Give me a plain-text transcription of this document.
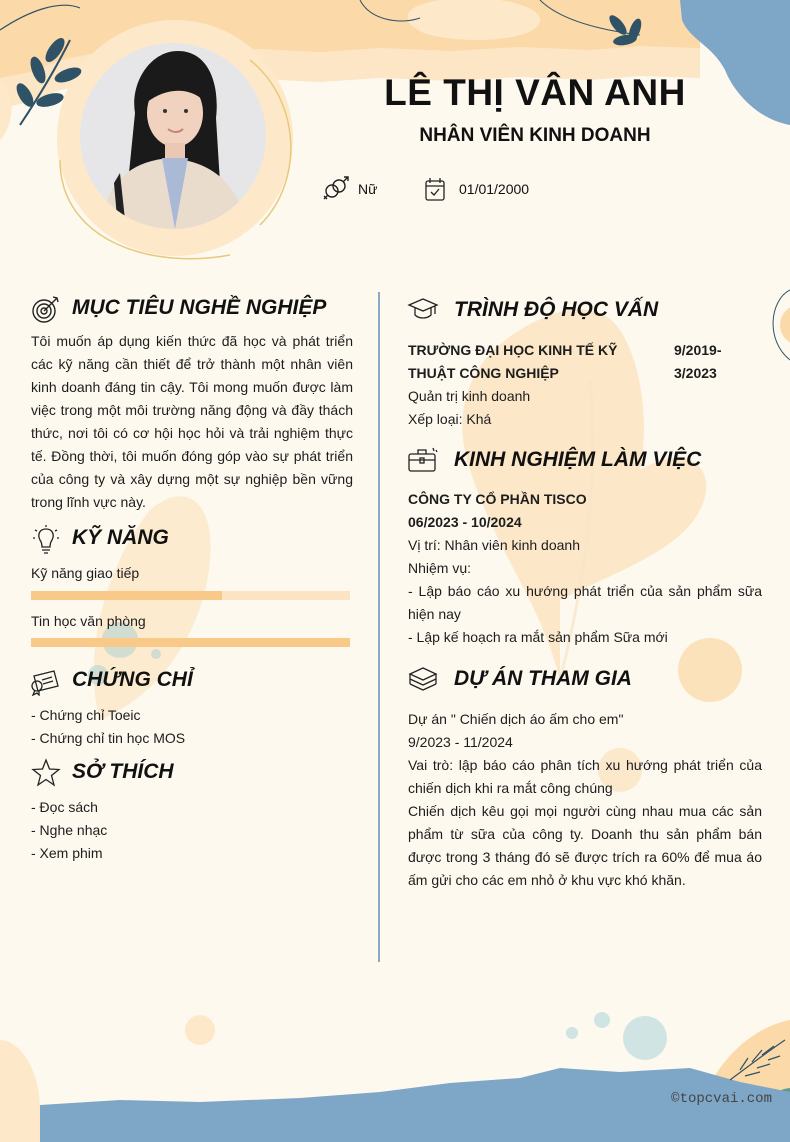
LÊ THỊ VÂN ANH
NHÂN VIÊN KINH DOANH
Nữ	01/01/2000
MỤC TIÊU NGHỀ NGHIỆP
Tôi muốn áp dụng kiến thức đã học và phát triển các kỹ năng cần thiết để trở thành một nhân viên kinh doanh đáng tin cậy. Tôi mong muốn được làm việc trong một môi trường năng động và đầy thách thức, nơi tôi có cơ hội học hỏi và trải nghiệm thực tế. Đồng thời, tôi muốn đóng góp vào sự phát triển của công ty và xây dựng một sự nghiệp bền vững trong lĩnh vực này.
KỸ NĂNG
Kỹ năng giao tiếp
Tin học văn phòng
CHỨNG CHỈ
- Chứng chỉ Toeic
- Chứng chỉ tin học MOS
SỞ THÍCH
- Đọc sách
- Nghe nhạc
- Xem phim
TRÌNH ĐỘ HỌC VẤN
TRƯỜNG ĐẠI HỌC KINH TẾ KỸ
THUẬT CÔNG NGHIỆP
9/2019-
3/2023
Quản trị kinh doanh
Xếp loại: Khá
KINH NGHIỆM LÀM VIỆC
CÔNG TY CỔ PHẦN TISCO
06/2023 - 10/2024
Vị trí: Nhân viên kinh doanh
Nhiệm vụ:
- Lập báo cáo xu hướng phát triển của sản phẩm sữa hiện nay
- Lập kế hoạch ra mắt sản phẩm Sữa mới
DỰ ÁN THAM GIA
Dự án " Chiến dịch áo ấm cho em"
9/2023 - 11/2024
Vai trò: lập báo cáo phân tích xu hướng phát triển của chiến dịch khi ra mắt công chúng
Chiến dịch kêu gọi mọi người cùng nhau mua các sản phẩm từ sữa của công ty. Doanh thu sản phẩm bán được trong 3 tháng đó sẽ được trích ra 60% để mua áo ấm gửi cho các em nhỏ ở khu vực khó khăn.
©topcvai.com
